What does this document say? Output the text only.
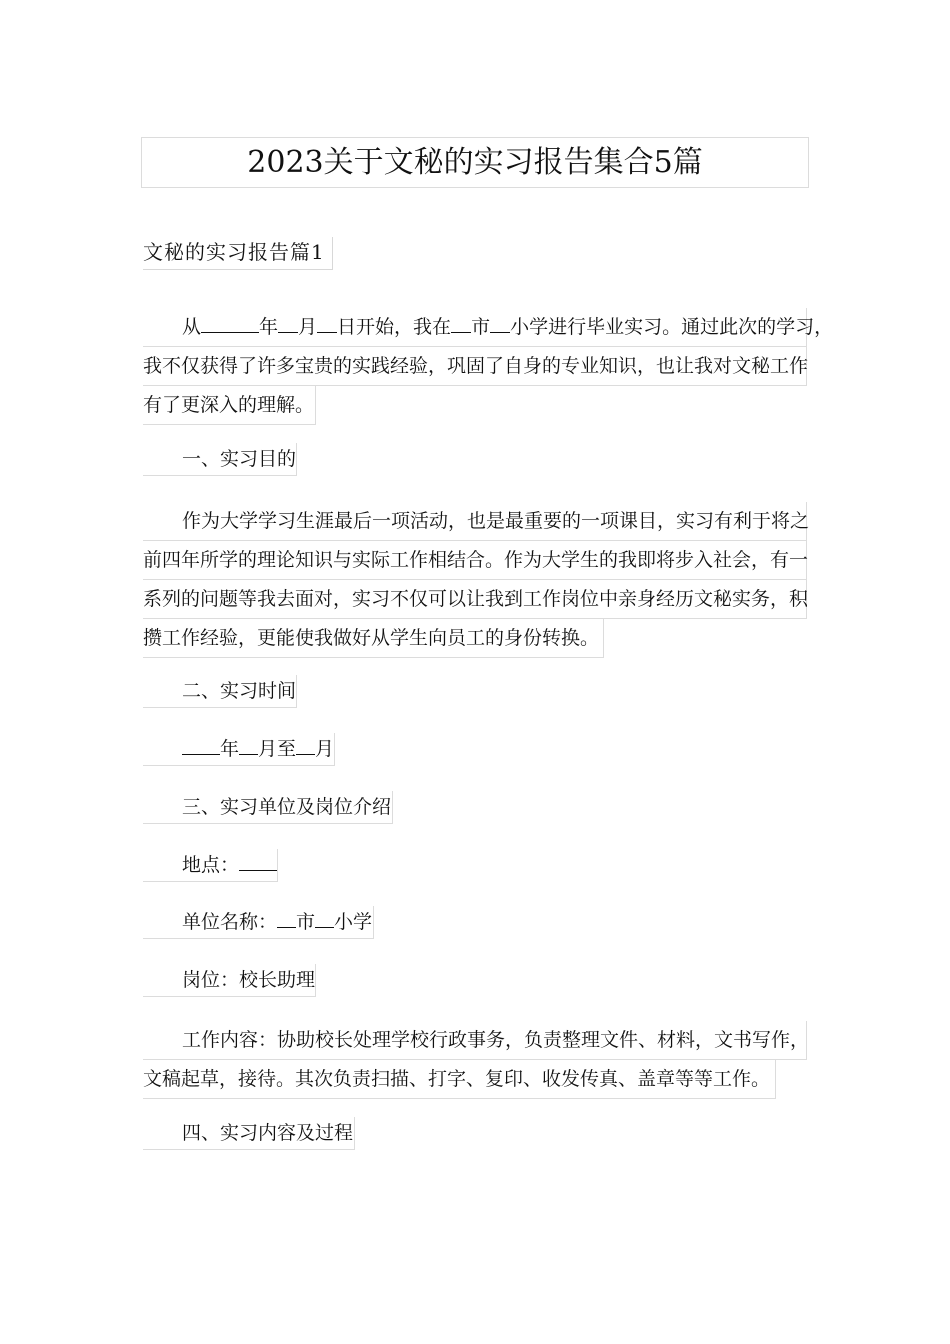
2023关于文秘的实习报告集合5篇
文秘的实习报告篇1
从	年 月 日开始，我在 市 小学进行毕业实习。通过此次的学习，
我不仅获得了许多宝贵的实践经验，巩固了自身的专业知识，也让我对文秘工作
有了更深入的理解。
一、实习目的
作为大学学习生涯最后一项活动，也是最重要的一项课目，实习有利于将之
前四年所学的理论知识与实际工作相结合。作为大学生的我即将步入社会，有一
系列的问题等我去面对，实习不仅可以让我到工作岗位中亲身经历文秘实务，积
攒工作经验，更能使我做好从学生向员工的身份转换。
二、实习时间
年 月至 月
三、实习单位及岗位介绍
地点：
单位名称： 市 小学
岗位：校长助理
工作内容：协助校长处理学校行政事务，负责整理文件、材料，文书写作，
文稿起草，接待。其次负责扫描、打字、复印、收发传真、盖章等等工作。
四、实习内容及过程
